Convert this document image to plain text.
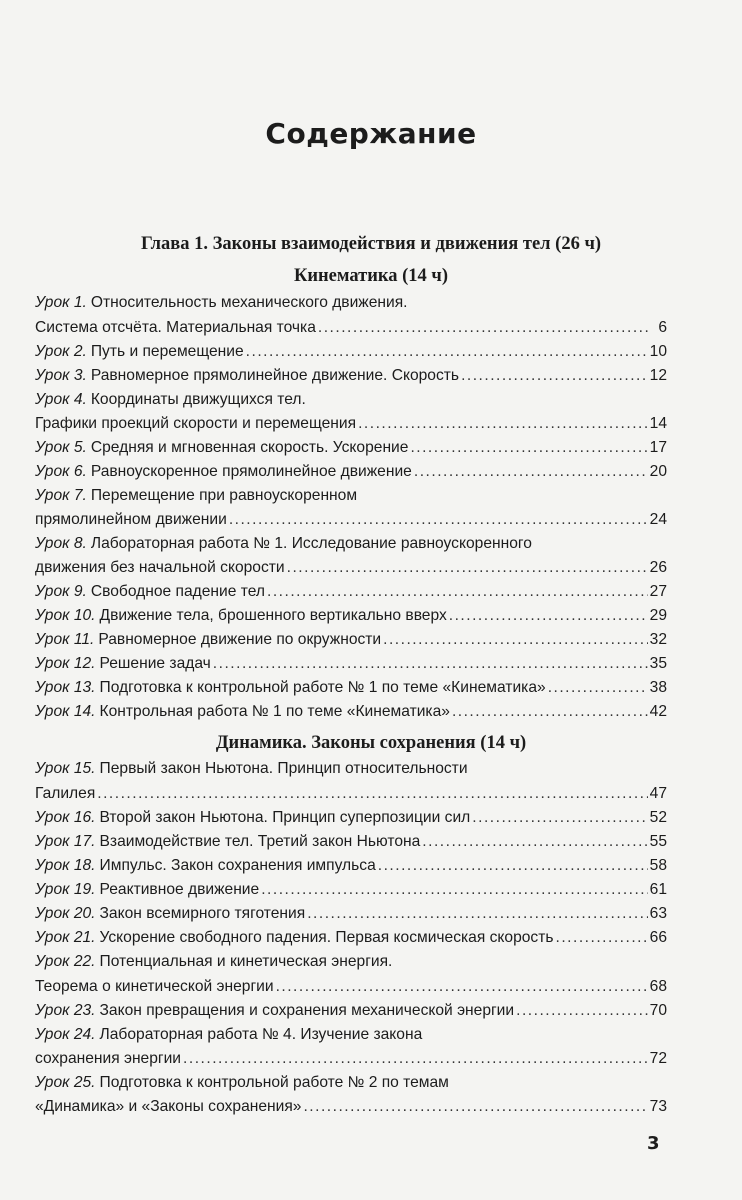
Содержание
Глава 1. Законы взаимодействия и движения тел (26 ч)
Кинематика (14 ч)
Урок 1. Относительность механического движения.
Система отсчёта. Материальная точка .....	6
Урок 2. Путь и перемещение .....	10
Урок 3. Равномерное прямолинейное движение. Скорость .....	12
Урок 4. Координаты движущихся тел.
Графики проекций скорости и перемещения .....	14
Урок 5. Средняя и мгновенная скорость. Ускорение .....	17
Урок 6. Равноускоренное прямолинейное движение .....	20
Урок 7. Перемещение при равноускоренном
прямолинейном движении .....	24
Урок 8. Лабораторная работа № 1. Исследование равноускоренного
движения без начальной скорости .....	26
Урок 9. Свободное падение тел .....	27
Урок 10. Движение тела, брошенного вертикально вверх .....	29
Урок 11. Равномерное движение по окружности .....	32
Урок 12. Решение задач .....	35
Урок 13. Подготовка к контрольной работе № 1 по теме «Кинематика» .....	38
Урок 14. Контрольная работа № 1 по теме «Кинематика» .....	42
Динамика. Законы сохранения (14 ч)
Урок 15. Первый закон Ньютона. Принцип относительности
Галилея .....	47
Урок 16. Второй закон Ньютона. Принцип суперпозиции сил .....	52
Урок 17. Взаимодействие тел. Третий закон Ньютона .....	55
Урок 18. Импульс. Закон сохранения импульса .....	58
Урок 19. Реактивное движение .....	61
Урок 20. Закон всемирного тяготения .....	63
Урок 21. Ускорение свободного падения. Первая космическая скорость .....	66
Урок 22. Потенциальная и кинетическая энергия.
Теорема о кинетической энергии .....	68
Урок 23. Закон превращения и сохранения механической энергии .....	70
Урок 24. Лабораторная работа № 4. Изучение закона
сохранения энергии .....	72
Урок 25. Подготовка к контрольной работе № 2 по темам
«Динамика» и «Законы сохранения» .....	73
3
